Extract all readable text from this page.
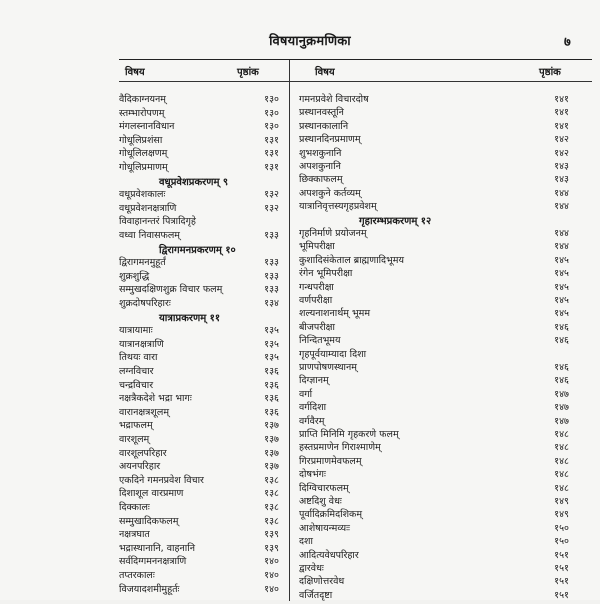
विषयानुक्रमणिका	७
विषय	पृष्ठांक	विषय	पृष्ठांक
वैदिकाग्नयनम्	१३०
स्तम्भारोपणम्	१३०
मंगलस्नानविधान	१३०
गोधूलिप्रशंसा	१३१
गोधूलिलक्षणम्	१३१
गोधूलिप्रमाणम्	१३१
वधूप्रवेशप्रकरणम् ९
वधूप्रवेशकालः	१३२
वधूप्रवेशनक्षत्राणि	१३२
विवाहानन्तरं पित्रादिगृहे
वध्वा निवासफलम्	१३३
द्विरागमनप्रकरणम् १०
द्विरागमनमुहूर्तं	१३३
शुक्रशुद्धि	१३३
सम्मुखदक्षिणशुक्र विचार फलम्	१३३
शुक्रदोषपरिहारः	१३४
यात्राप्रकरणम् ११
यात्रायामाः	१३५
यात्रानक्षत्राणि	१३५
तिथयः वारा	१३५
लग्नविचार	१३६
चन्द्रविचार	१३६
नक्षत्रैकदेशे भद्रा भागः	१३६
वारानक्षत्रशूलम्	१३६
भद्राफलम्	१३७
वारशूलम्	१३७
वारशूलपरिहार	१३७
अयनपरिहार	१३७
एकदिने गमनप्रवेश विचार	१३८
दिशाशूल वारप्रमाण	१३८
दिक्कालः	१३८
सम्मुखादिकफलम्	१३८
नक्षत्रघात	१३९
भद्रास्थानानि, वाहनानि	१३९
सर्वदिग्गमननक्षत्राणि	१४०
तप्तरकालः	१४०
विजयादशमीमुहूर्तः	१४०
गमनप्रवेशे विचारदोष	१४१
प्रस्थानवस्तूनि	१४१
प्रस्थानकालानि	१४१
प्रस्थानदिनप्रमाणम्	१४२
शुभशकुनानि	१४२
अपशकुनानि	१४३
छिक्काफलम्	१४३
अपशकुने कर्तव्यम्	१४४
यात्रानिवृत्तस्यगृहप्रवेशम्	१४४
गृहारम्भप्रकरणम् १२
गृहनिर्माणे प्रयोजनम्	१४४
भूमिपरीक्षा	१४४
कुशादिसंकेताल ब्राह्मणादिभूमय	१४५
रंगेन भूमिपरीक्षा	१४५
गन्धपरीक्षा	१४५
वर्णपरीक्षा	१४५
शल्यनाशनार्थम् भूमम	१४५
बीजपरीक्षा	१४६
निन्दितभूमय	१४६
गृहपूर्वयाम्यादा दिशा
प्राणपोषणस्थानम्	१४६
दिग्ज्ञानम्	१४६
वर्गा	१४७
वर्गदिशा	१४७
वर्गवैरम्	१४७
प्राप्ति मिनिमि गृहकरणे फलम्	१४८
हस्तप्रमाणेन गिराश्माणेम्	१४८
गिरप्रमाणमेवफलम्	१४८
दोषभंगः	१४८
दिग्विचारफलम्	१४८
अष्टदिशु वेधः	१४९
पूर्वादिक्रमिदशिकम्	१४९
आशेषायन्मव्यःः	१५०
दशा	१५०
आदित्यवेधपरिहार	१५१
द्वारवेधः	१५१
दक्षिणोत्तरवेध	१५१
वर्जितदृष्टा	१५१
